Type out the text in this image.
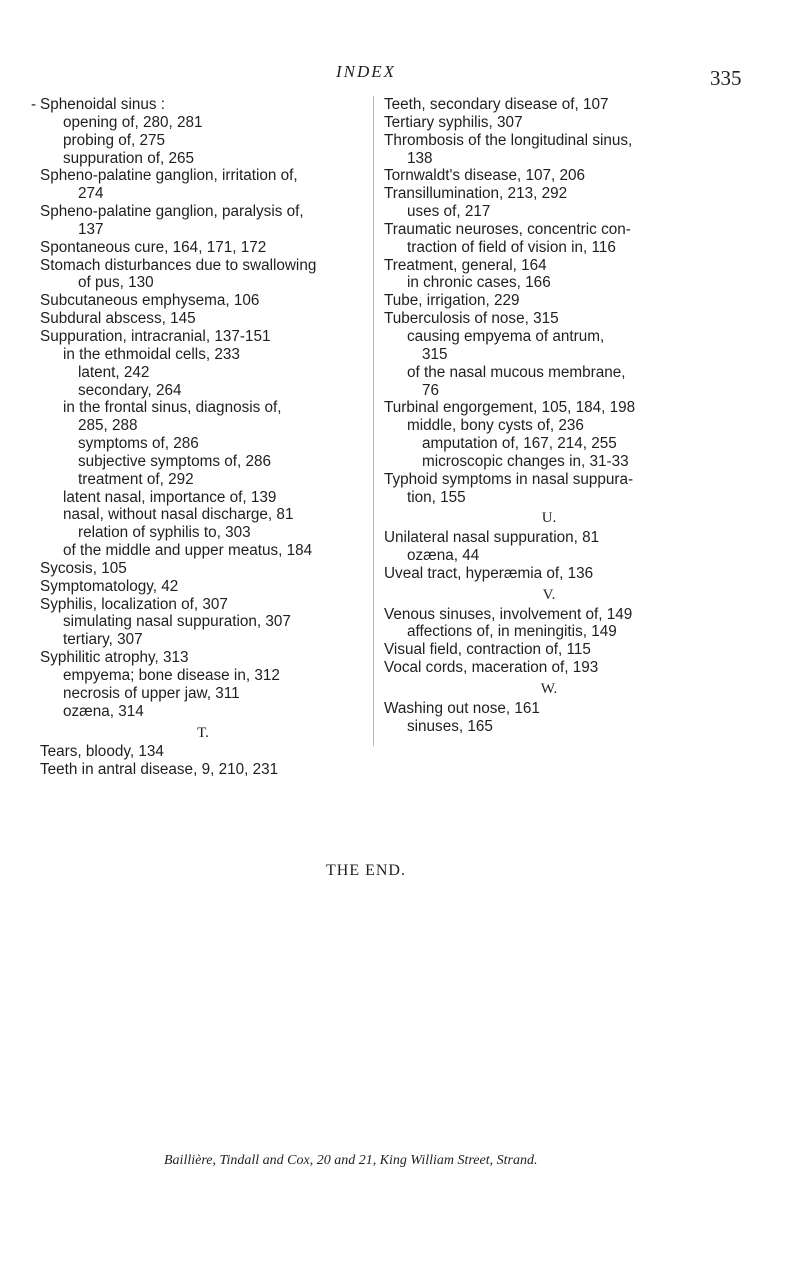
INDEX	335
- Sphenoidal sinus :
opening of, 280, 281
probing of, 275
suppuration of, 265
Spheno-palatine ganglion, irritation of,
274
Spheno-palatine ganglion, paralysis of,
137
Spontaneous cure, 164, 171, 172
Stomach disturbances due to swallowing
of pus, 130
Subcutaneous emphysema, 106
Subdural abscess, 145
Suppuration, intracranial, 137-151
in the ethmoidal cells, 233
latent, 242
secondary, 264
in the frontal sinus, diagnosis of,
285, 288
symptoms of, 286
subjective symptoms of, 286
treatment of, 292
latent nasal, importance of, 139
nasal, without nasal discharge, 81
relation of syphilis to, 303
of the middle and upper meatus, 184
Sycosis, 105
Symptomatology, 42
Syphilis, localization of, 307
simulating nasal suppuration, 307
tertiary, 307
Syphilitic atrophy, 313
empyema; bone disease in, 312
necrosis of upper jaw, 311
ozæna, 314
T.
Tears, bloody, 134
Teeth in antral disease, 9, 210, 231
Teeth, secondary disease of, 107
Tertiary syphilis, 307
Thrombosis of the longitudinal sinus,
138
Tornwaldt's disease, 107, 206
Transillumination, 213, 292
uses of, 217
Traumatic neuroses, concentric con-
traction of field of vision in, 116
Treatment, general, 164
in chronic cases, 166
Tube, irrigation, 229
Tuberculosis of nose, 315
causing empyema of antrum,
315
of the nasal mucous membrane,
76
Turbinal engorgement, 105, 184, 198
middle, bony cysts of, 236
amputation of, 167, 214, 255
microscopic changes in, 31-33
Typhoid symptoms in nasal suppura-
tion, 155
U.
Unilateral nasal suppuration, 81
ozæna, 44
Uveal tract, hyperæmia of, 136
V.
Venous sinuses, involvement of, 149
affections of, in meningitis, 149
Visual field, contraction of, 115
Vocal cords, maceration of, 193
W.
Washing out nose, 161
sinuses, 165
THE END.
Baillière, Tindall and Cox, 20 and 21, King William Street, Strand.
